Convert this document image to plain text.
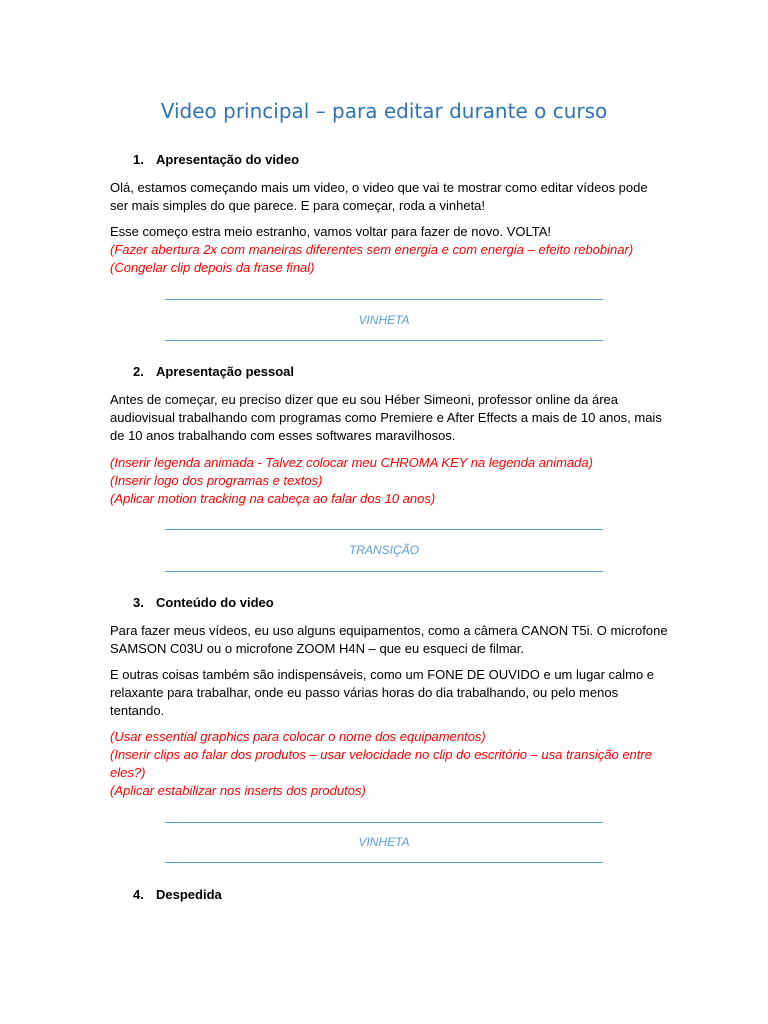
Video principal – para editar durante o curso
1. Apresentação do video
Olá, estamos começando mais um video, o video que vai te mostrar como editar vídeos pode
ser mais simples do que parece. E para começar, roda a vinheta!
Esse começo estra meio estranho, vamos voltar para fazer de novo. VOLTA!
(Fazer abertura 2x com maneiras diferentes sem energia e com energia – efeito rebobinar)
(Congelar clip depois da frase final)
VINHETA
2. Apresentação pessoal
Antes de começar, eu preciso dizer que eu sou Héber Simeoni, professor online da área
audiovisual trabalhando com programas como Premiere e After Effects a mais de 10 anos, mais
de 10 anos trabalhando com esses softwares maravilhosos.
(Inserir legenda animada - Talvez colocar meu CHROMA KEY na legenda animada)
(Inserir logo dos programas e textos)
(Aplicar motion tracking na cabeça ao falar dos 10 anos)
TRANSIÇÃO
3. Conteúdo do video
Para fazer meus vídeos, eu uso alguns equipamentos, como a câmera CANON T5i. O microfone
SAMSON C03U ou o microfone ZOOM H4N – que eu esqueci de filmar.
E outras coisas também são indispensáveis, como um FONE DE OUVIDO e um lugar calmo e
relaxante para trabalhar, onde eu passo várias horas do dia trabalhando, ou pelo menos
tentando.
(Usar essential graphics para colocar o nome dos equipamentos)
(Inserir clips ao falar dos produtos – usar velocidade no clip do escritório – usa transição entre
eles?)
(Aplicar estabilizar nos inserts dos produtos)
VINHETA
4. Despedida
